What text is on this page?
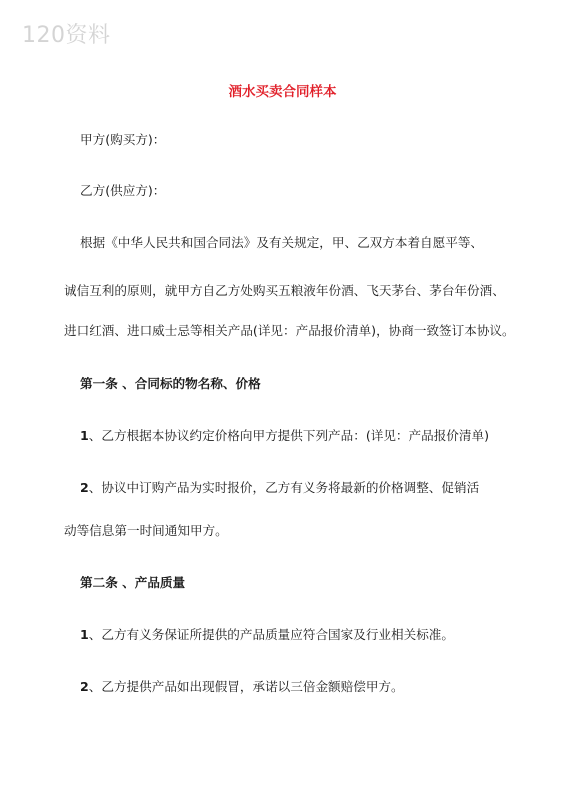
120资料
酒水买卖合同样本
甲方(购买方)：
乙方(供应方)：
根据《中华人民共和国合同法》及有关规定，甲、乙双方本着自愿平等、
诚信互利的原则，就甲方自乙方处购买五粮液年份酒、飞天茅台、茅台年份酒、
进口红酒、进口威士忌等相关产品(详见：产品报价清单)，协商一致签订本协议。
第一条 、合同标的物名称、价格
1、乙方根据本协议约定价格向甲方提供下列产品：(详见：产品报价清单)
2、协议中订购产品为实时报价，乙方有义务将最新的价格调整、促销活
动等信息第一时间通知甲方。
第二条 、产品质量
1、乙方有义务保证所提供的产品质量应符合国家及行业相关标准。
2、乙方提供产品如出现假冒，承诺以三倍金额赔偿甲方。
